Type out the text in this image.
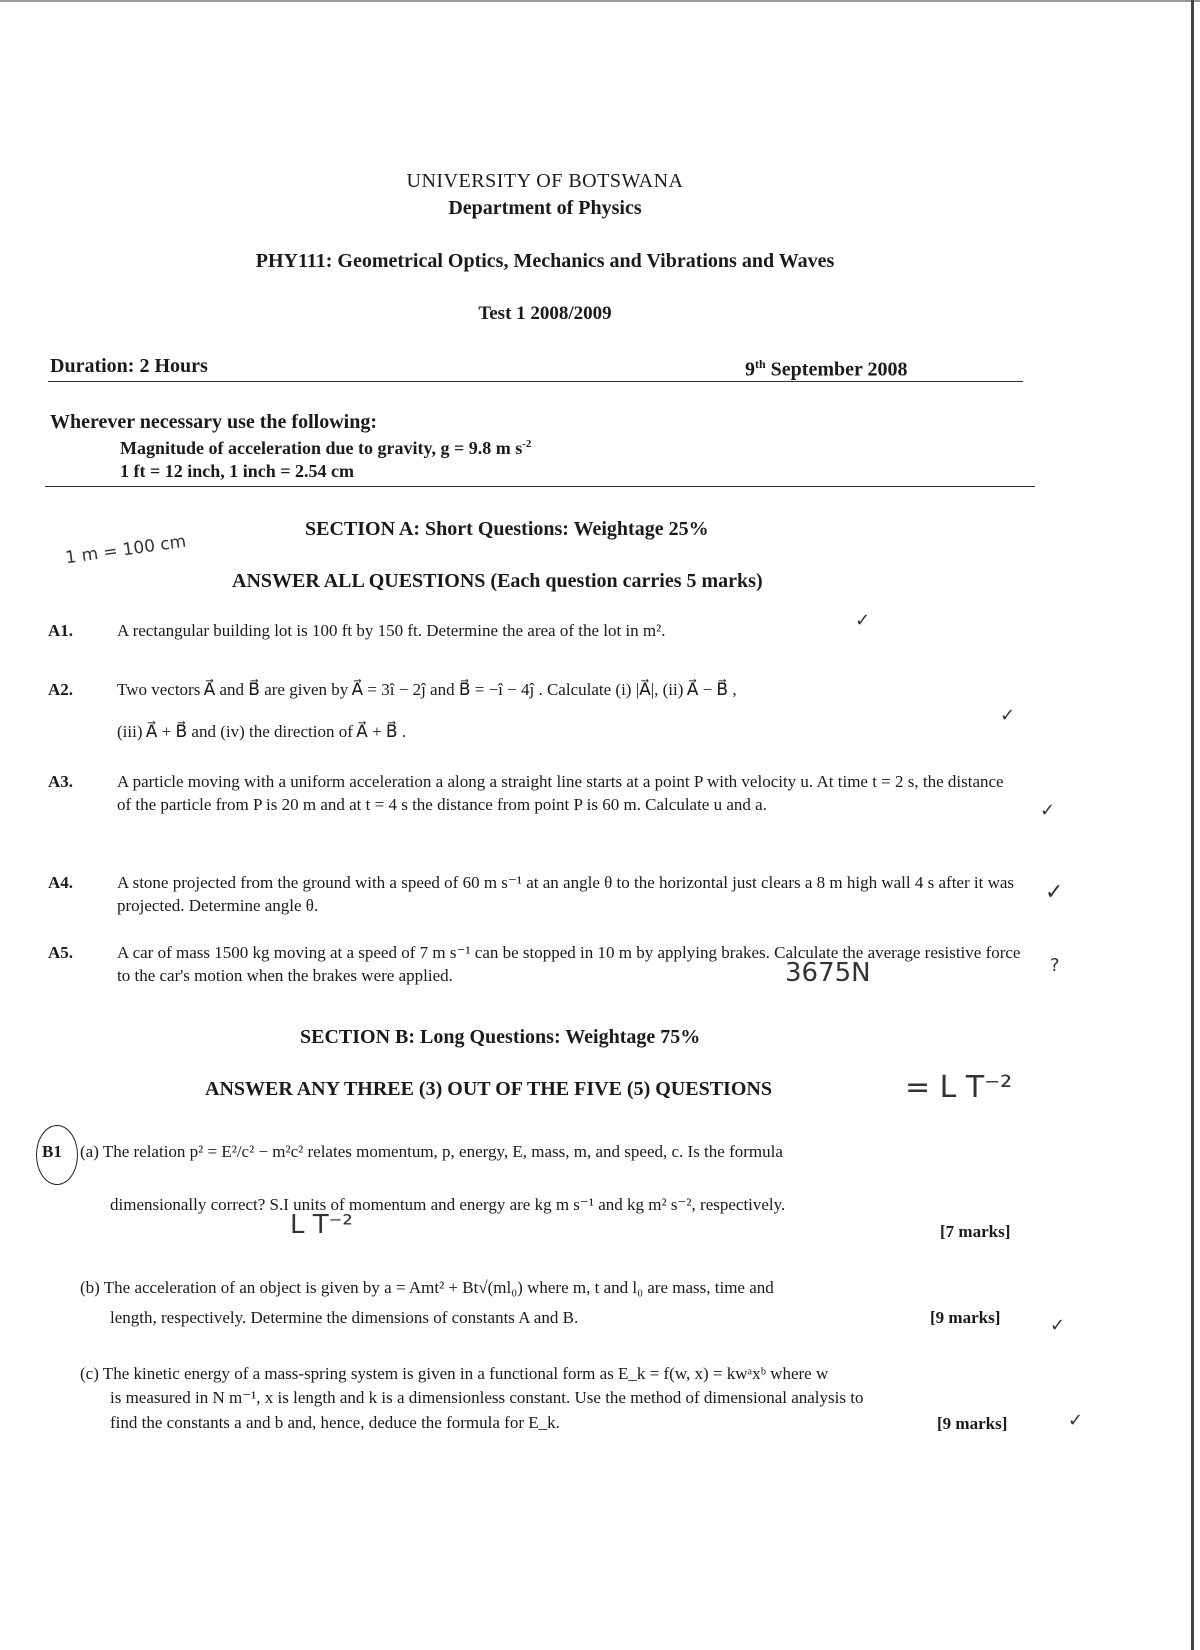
UNIVERSITY OF BOTSWANA
Department of Physics
PHY111: Geometrical Optics, Mechanics and Vibrations and Waves
Test 1 2008/2009
Duration: 2 Hours	9th September 2008
Wherever necessary use the following:
Magnitude of acceleration due to gravity, g = 9.8 m $s^{-2}$
1 ft = 12 inch, 1 inch = 2.54 cm
SECTION A: Short Questions: Weightage 25%
ANSWER ALL QUESTIONS (Each question carries 5 marks)
A1.	A rectangular building lot is 100 ft by 150 ft. Determine the area of the lot in m².
A2.	Two vectors A⃗ and B⃗ are given by A⃗ = 3î − 2ĵ and B⃗ = −î − 4ĵ . Calculate (i) |A⃗|, (ii) A⃗ − B⃗ ,
(iii) A⃗ + B⃗ and (iv) the direction of A⃗ + B⃗ .
A3.	A particle moving with a uniform acceleration a along a straight line starts at a point P with velocity u. At time t = 2 s, the distance of the particle from P is 20 m and at t = 4 s the distance from point P is 60 m. Calculate u and a.
A4.	A stone projected from the ground with a speed of 60 m s⁻¹ at an angle θ to the horizontal just clears a 8 m high wall 4 s after it was projected. Determine angle θ.
A5.	A car of mass 1500 kg moving at a speed of 7 m s⁻¹ can be stopped in 10 m by applying brakes. Calculate the average resistive force to the car's motion when the brakes were applied.
SECTION B: Long Questions: Weightage 75%
ANSWER ANY THREE (3) OUT OF THE FIVE (5) QUESTIONS
B1 (a) The relation p² = E²/c² − m²c² relates momentum, p, energy, E, mass, m, and speed, c. Is the formula
dimensionally correct? S.I units of momentum and energy are kg m s⁻¹ and kg m² s⁻², respectively.
[7 marks]
(b) The acceleration of an object is given by a = Amt² + Bt√(ml₀) where m, t and l₀ are mass, time and
length, respectively. Determine the dimensions of constants A and B.	[9 marks]
(c) The kinetic energy of a mass-spring system is given in a functional form as E_k = f(w, x) = kwᵃxᵇ where w
is measured in N m⁻¹, x is length and k is a dimensionless constant. Use the method of dimensional analysis to
find the constants a and b and, hence, deduce the formula for E_k.	[9 marks]
1 m = 100 cm
3675N
= L T⁻²
L T⁻²
✓
✓
✓
✓
?
✓
✓
